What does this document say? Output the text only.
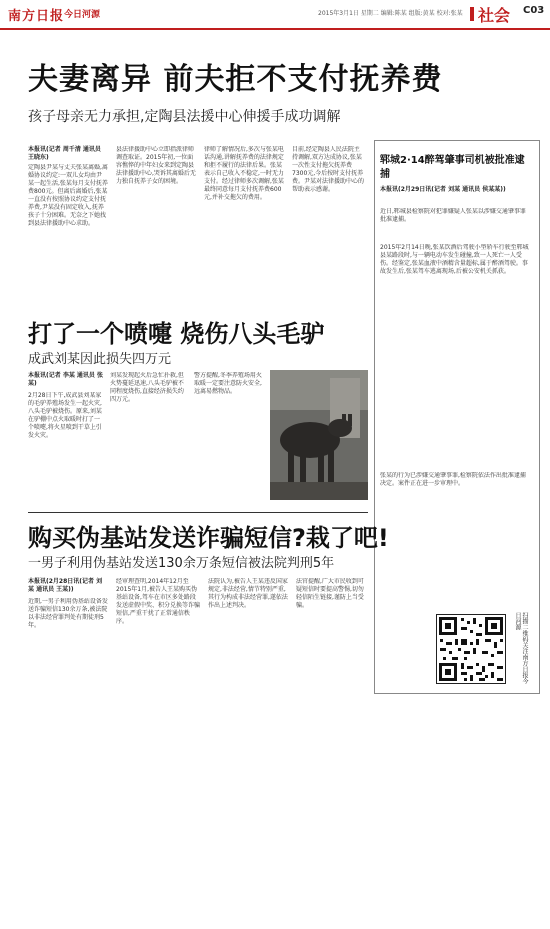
南方日报 今日河源	2015年3月1日 星期二 编辑:陈某 组版:黄某 校对:张某 社会 C03
夫妻离异 前夫拒不支付抚养费
孩子母亲无力承担,定陶县法援中心伸援手成功调解
本报讯(记者 周千清 通讯员 王晓东)
定陶县尹某与丈夫张某离婚,离婚协议约定:一双儿女均由尹某一起生活,张某每月支付抚养费800元。但离后离婚后,张某一直没有按照协议约定支付抚养费,尹某没有固定收入,抚养孩子十分困难。无奈之下她找到县法律援助中心求助。
县法律援助中心立即指派律师调查取证。2015年初,一位面容憔悴的中年妇女来到定陶县法律援助中心,哭诉其离婚后无力独自抚养子女的困境。
律师了解情况后,多次与张某电话沟通,讲解抚养费的法律规定和拒不履行的法律后果。张某表示自己收入不稳定,一时无力支付。经过律师多次调解,张某最终同意每月支付抚养费600元,并补交拖欠的费用。
目前,经定陶县人民法院主持调解,双方达成协议,张某一次性支付拖欠抚养费7300元,今后按时支付抚养费。尹某对法律援助中心的帮助表示感谢。
郓城2·14醉驾肇事司机被批准逮捕
本报讯(2月29日讯(记者 刘某 通讯员 侯某某))
近日,郓城县检察院对犯罪嫌疑人张某以涉嫌交通肇事罪批准逮捕。
2015年2月14日晚,张某饮酒后驾驶小型轿车行驶至郓城县某路段时,与一辆电动车发生碰撞,致一人死亡一人受伤。经鉴定,张某血液中酒精含量超标,属于醉酒驾驶。事故发生后,张某驾车逃离现场,后被公安机关抓获。
张某的行为已涉嫌交通肇事罪,检察院依法作出批准逮捕决定。案件正在进一步审理中。
扫描二维码关注南方日报今日河源
打了一个喷嚏 烧伤八头毛驴
成武刘某因此损失四万元
本报讯(记者 李某 通讯员 张某)
2月28日下午,成武县刘某家的毛驴养殖场发生一起火灾,八头毛驴被烧伤。原来,刘某在驴棚中点火取暖时打了一个喷嚏,将火星喷到干草上引发火灾。
刘某发现起火后急忙扑救,但火势蔓延迅速,八头毛驴被不同程度烧伤,直接经济损失约四万元。
警方提醒,冬季养殖场用火取暖一定要注意防火安全,远离易燃物品。
购买伪基站发送诈骗短信?栽了吧!
一男子利用伪基站发送130余万条短信被法院判刑5年
本报讯(2月28日讯(记者 刘某 通讯员 王某))
近期,一男子利用伪基站设备发送诈骗短信130余万条,被法院以非法经营罪判处有期徒刑5年。
经审理查明,2014年12月至2015年1月,被告人王某购买伪基站设备,驾车在市区多处路段发送虚假中奖、积分兑换等诈骗短信,严重干扰了正常通信秩序。
法院认为,被告人王某违反国家规定,非法经营,情节特别严重,其行为构成非法经营罪,遂依法作出上述判决。
法官提醒,广大市民收到可疑短信时要提高警惕,切勿轻信陌生链接,谨防上当受骗。
